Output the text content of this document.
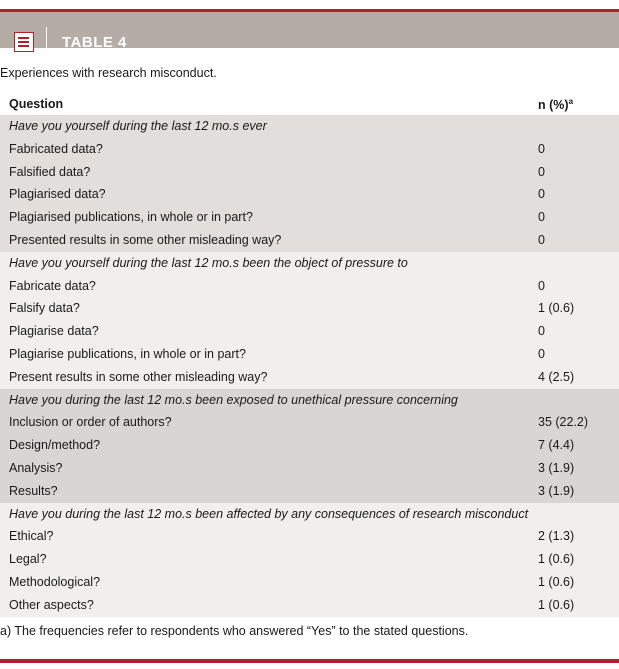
TABLE 4
Experiences with research misconduct.
Question	n (%)$^a$
Have you yourself during the last 12 mo.s ever
Fabricated data?	0
Falsified data?	0
Plagiarised data?	0
Plagiarised publications, in whole or in part?	0
Presented results in some other misleading way?	0
Have you yourself during the last 12 mo.s been the object of pressure to
Fabricate data?	0
Falsify data?	1 (0.6)
Plagiarise data?	0
Plagiarise publications, in whole or in part?	0
Present results in some other misleading way?	4 (2.5)
Have you during the last 12 mo.s been exposed to unethical pressure concerning
Inclusion or order of authors?	35 (22.2)
Design/method?	7 (4.4)
Analysis?	3 (1.9)
Results?	3 (1.9)
Have you during the last 12 mo.s been affected by any consequences of research misconduct
Ethical?	2 (1.3)
Legal?	1 (0.6)
Methodological?	1 (0.6)
Other aspects?	1 (0.6)
a) The frequencies refer to respondents who answered “Yes” to the stated questions.
